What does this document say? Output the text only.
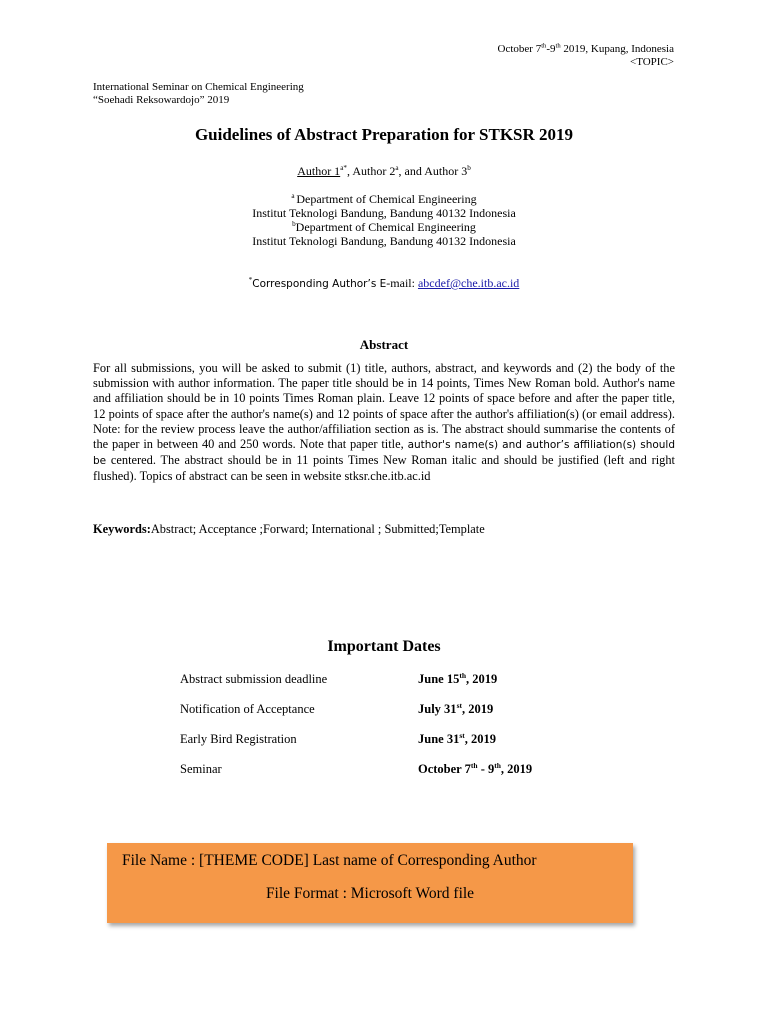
October 7th-9th 2019, Kupang, Indonesia
<TOPIC>
International Seminar on Chemical Engineering
“Soehadi Reksowardojo” 2019
Guidelines of Abstract Preparation for STKSR 2019
Author $1^{a*}$, Author 2$^a$, and Author 3$^b$
$^a$ Department of Chemical Engineering
Institut Teknologi Bandung, Bandung 40132 Indonesia
$^b$Department of Chemical Engineering
Institut Teknologi Bandung, Bandung 40132 Indonesia
*Corresponding Author’s E-mail: abcdef@che.itb.ac.id
Abstract
For all submissions, you will be asked to submit (1) title, authors, abstract, and keywords and (2) the body of the submission with author information. The paper title should be in 14 points, Times New Roman bold. Author's name and affiliation should be in 10 points Times Roman plain. Leave 12 points of space before and after the paper title, 12 points of space after the author's name(s) and 12 points of space after the author's affiliation(s) (or email address). Note: for the review process leave the author/affiliation section as is. The abstract should summarise the contents of the paper in between 40 and 250 words. Note that paper title, author's name(s) and author’s affiliation(s) should be centered. The abstract should be in 11 points Times New Roman italic and should be justified (left and right flushed). Topics of abstract can be seen in website stksr.che.itb.ac.id
Keywords:Abstract; Acceptance ;Forward; International ; Submitted;Template
Important Dates
Abstract submission deadline	June 15th, 2019
Notification of Acceptance	July 31st, 2019
Early Bird Registration	June 31st, 2019
Seminar	October 7th - 9th, 2019
File Name : [THEME CODE] Last name of Corresponding Author
File Format : Microsoft Word file
